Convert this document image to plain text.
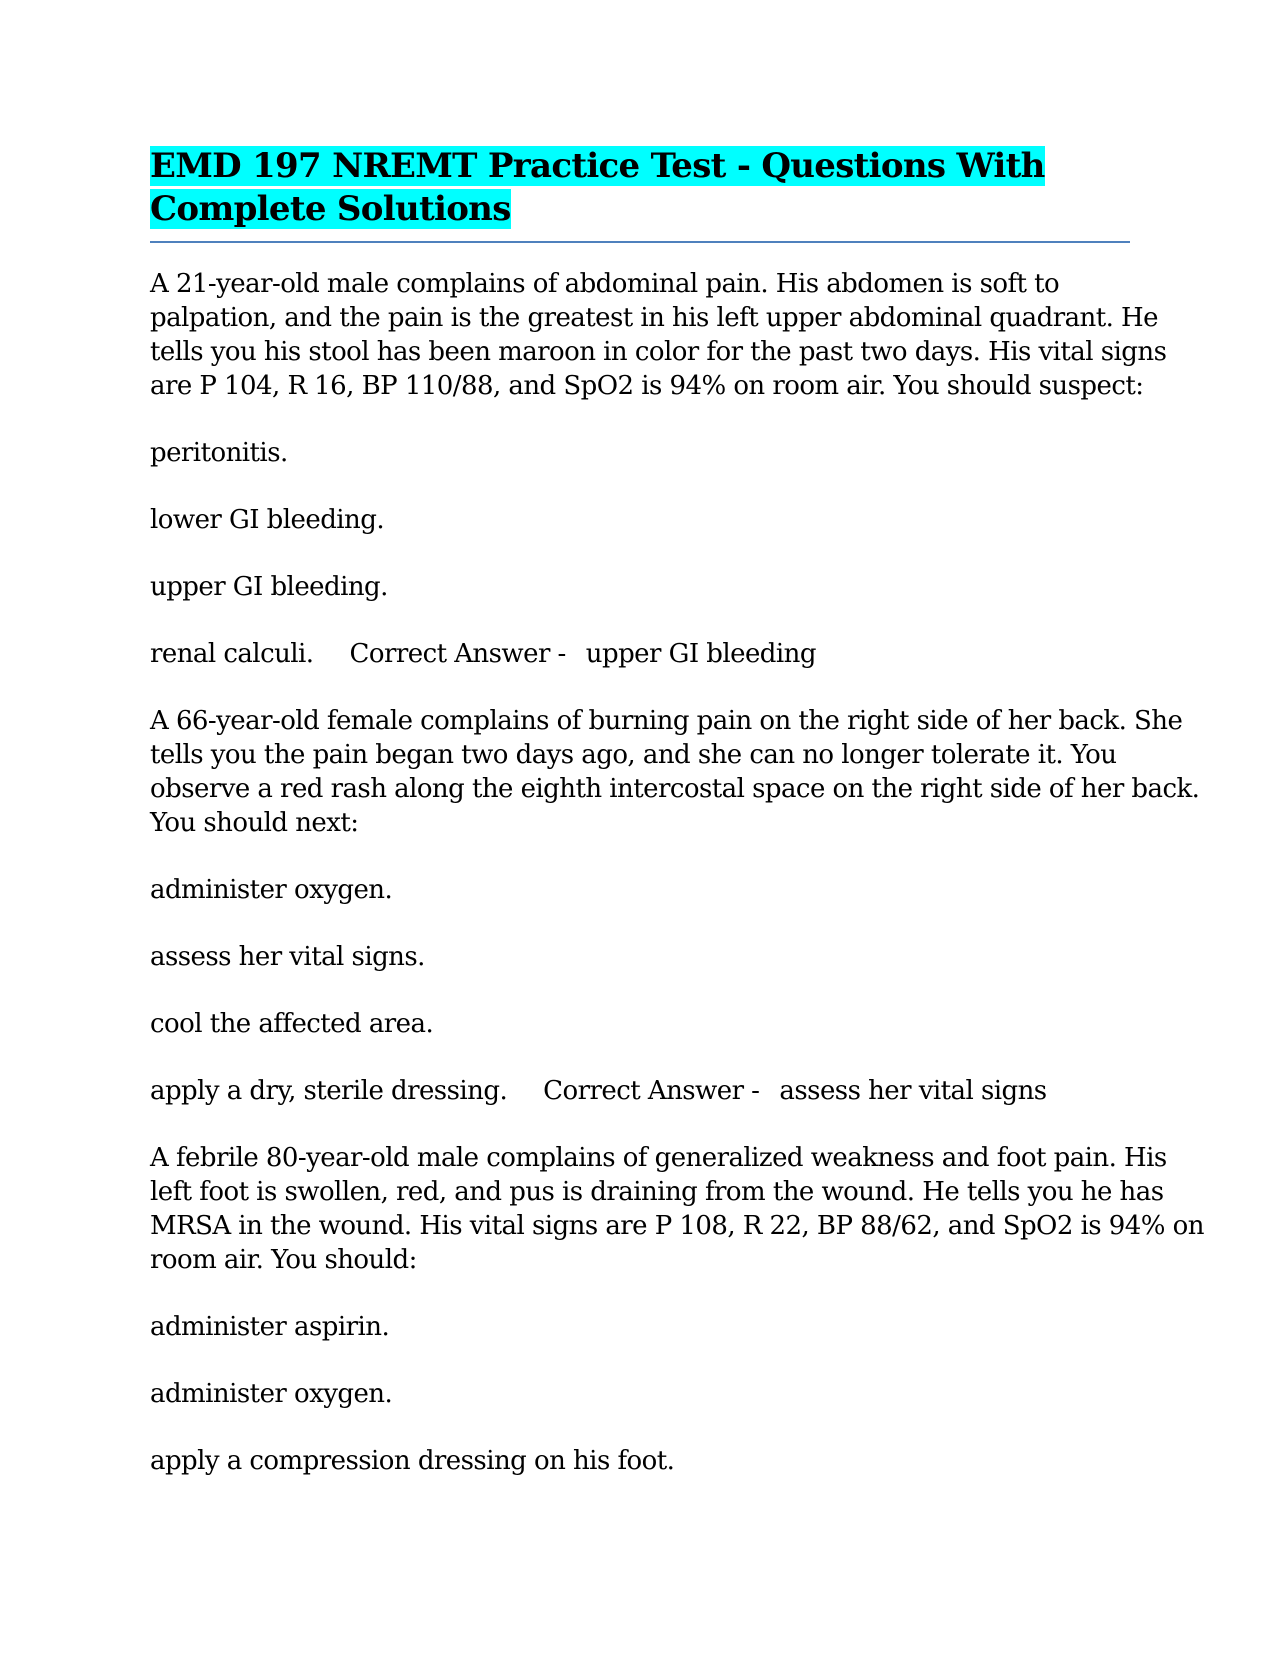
EMD 197 NREMT Practice Test - Questions With
Complete Solutions

A 21-year-old male complains of abdominal pain. His abdomen is soft to
palpation, and the pain is the greatest in his left upper abdominal quadrant. He
tells you his stool has been maroon in color for the past two days. His vital signs
are P 104, R 16, BP 110/88, and SpO2 is 94% on room air. You should suspect:

peritonitis.

lower GI bleeding.

upper GI bleeding.

renal calculi. Correct Answer - upper GI bleeding

A 66-year-old female complains of burning pain on the right side of her back. She
tells you the pain began two days ago, and she can no longer tolerate it. You
observe a red rash along the eighth intercostal space on the right side of her back.
You should next:

administer oxygen.

assess her vital signs.

cool the affected area.

apply a dry, sterile dressing. Correct Answer - assess her vital signs

A febrile 80-year-old male complains of generalized weakness and foot pain. His
left foot is swollen, red, and pus is draining from the wound. He tells you he has
MRSA in the wound. His vital signs are P 108, R 22, BP 88/62, and SpO2 is 94% on
room air. You should:

administer aspirin.

administer oxygen.

apply a compression dressing on his foot.
